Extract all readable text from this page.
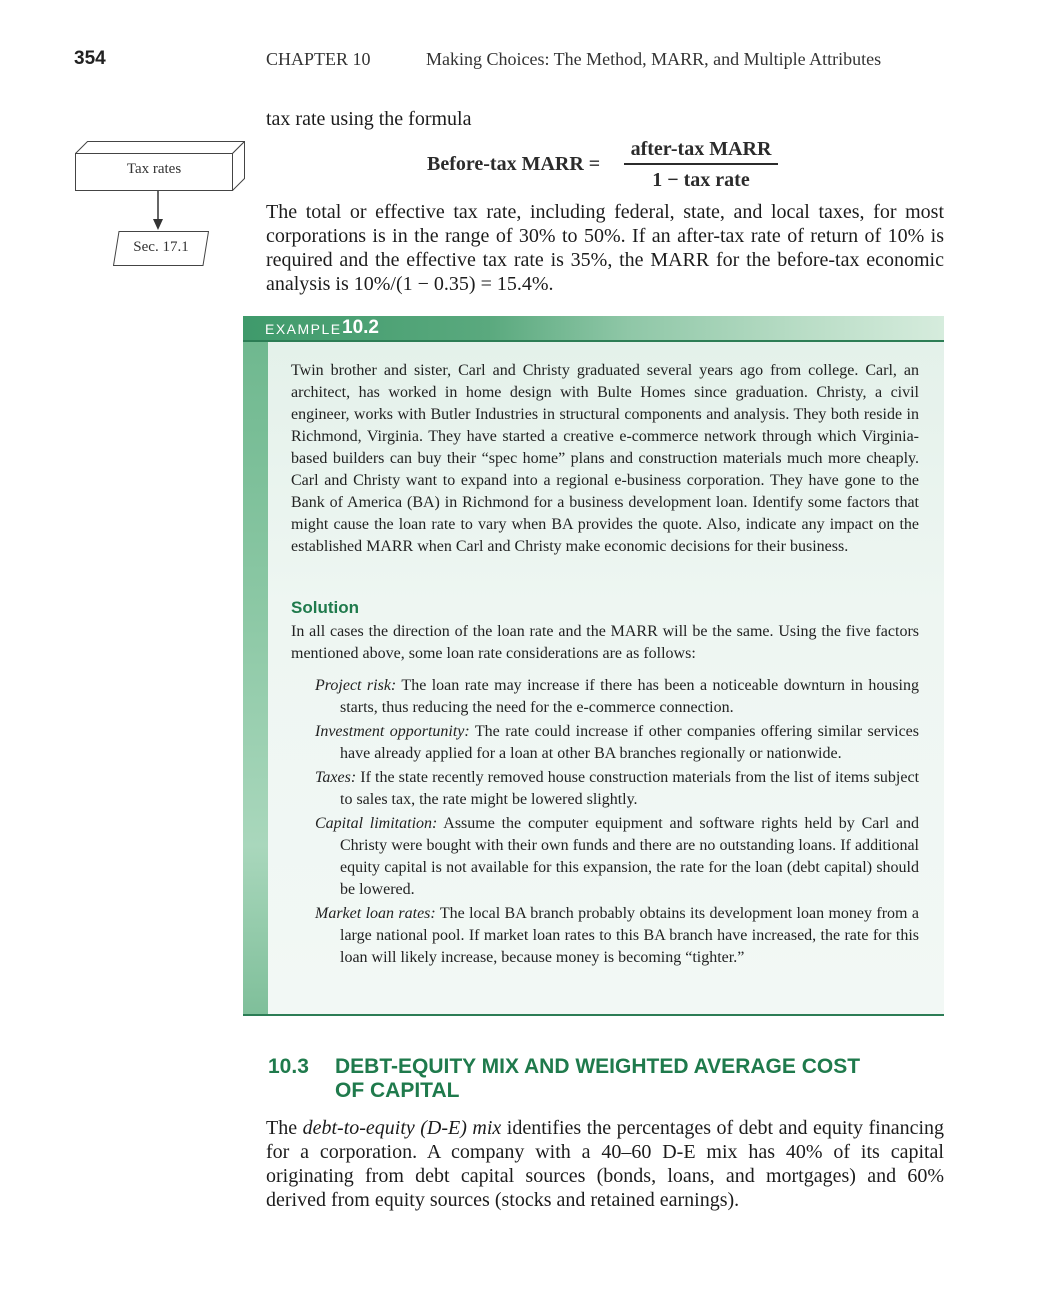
354	CHAPTER 10	Making Choices: The Method, MARR, and Multiple Attributes
Tax rates
Sec. 17.1
tax rate using the formula
Before-tax MARR =
after-tax MARR
1 − tax rate
The total or effective tax rate, including federal, state, and local taxes, for most corporations is in the range of 30% to 50%. If an after-tax rate of return of 10% is required and the effective tax rate is 35%, the MARR for the before-tax economic analysis is 10%/(1 − 0.35) = 15.4%.
EXAMPLE 10.2
Twin brother and sister, Carl and Christy graduated several years ago from college. Carl, an architect, has worked in home design with Bulte Homes since graduation. Christy, a civil engineer, works with Butler Industries in structural components and analysis. They both reside in Richmond, Virginia. They have started a creative e-commerce network through which Virginia-based builders can buy their “spec home” plans and construction materials much more cheaply. Carl and Christy want to expand into a regional e-business corporation. They have gone to the Bank of America (BA) in Richmond for a business development loan. Identify some factors that might cause the loan rate to vary when BA provides the quote. Also, indicate any impact on the established MARR when Carl and Christy make economic decisions for their business.
Solution
In all cases the direction of the loan rate and the MARR will be the same. Using the five factors mentioned above, some loan rate considerations are as follows:
Project risk: The loan rate may increase if there has been a noticeable downturn in housing starts, thus reducing the need for the e-commerce connection.
Investment opportunity: The rate could increase if other companies offering similar services have already applied for a loan at other BA branches regionally or nationwide.
Taxes: If the state recently removed house construction materials from the list of items subject to sales tax, the rate might be lowered slightly.
Capital limitation: Assume the computer equipment and software rights held by Carl and Christy were bought with their own funds and there are no outstanding loans. If additional equity capital is not available for this expansion, the rate for the loan (debt capital) should be lowered.
Market loan rates: The local BA branch probably obtains its development loan money from a large national pool. If market loan rates to this BA branch have increased, the rate for this loan will likely increase, because money is becoming “tighter.”
10.3 DEBT-EQUITY MIX AND WEIGHTED AVERAGE COST OF CAPITAL
The debt-to-equity (D-E) mix identifies the percentages of debt and equity financing for a corporation. A company with a 40–60 D-E mix has 40% of its capital originating from debt capital sources (bonds, loans, and mortgages) and 60% derived from equity sources (stocks and retained earnings).
